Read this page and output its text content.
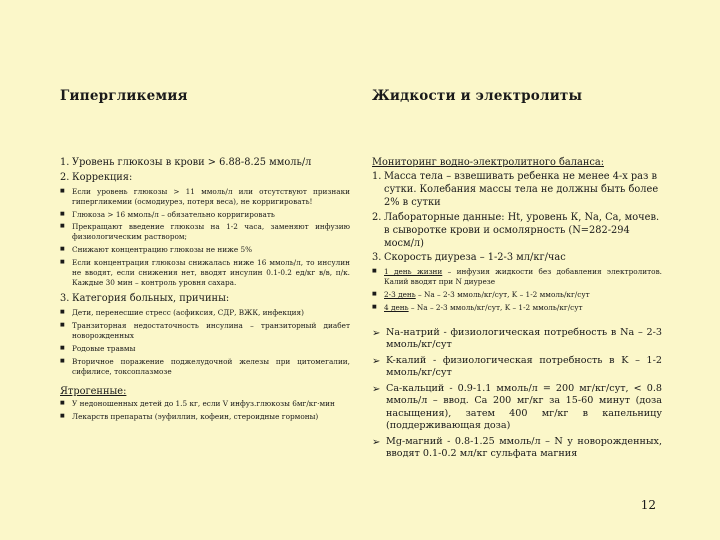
Гипергликемия
1. Уровень глюкозы в крови > 6.88-8.25 ммоль/л
2. Коррекция:
■ Если уровень глюкозы > 11 ммоль/л или отсутствуют признаки гипергликемии (осмодиурез, потеря веса), не корригировать!
■ Глюкоза > 16 ммоль/л – обязательно корригировать
■ Прекращают введение глюкозы на 1-2 часа, заменяют инфузию физиологическим раствором;
■ Снижают концентрацию глюкозы не ниже 5%
■ Если концентрация глюкозы снижалась ниже 16 ммоль/л, то инсулин не вводят, если снижения нет, вводят инсулин 0.1-0.2 ед/кг в/в, п/к. Каждые 30 мин – контроль уровня сахара.
3. Категория больных, причины:
■ Дети, перенесшие стресс (асфиксия, СДР, ВЖК, инфекция)
■ Транзиторная недостаточность инсулина – транзиторный диабет новорожденных
■ Родовые травмы
■ Вторичное поражение поджелудочной железы при цитомегалии, сифилисе, токсоплазмозе
Ятрогенные:
■ У недоношенных детей до 1.5 кг, если V инфуз.глюкозы 6мг/кг·мин
■ Лекарств препараты (эуфиллин, кофеин, стероидные гормоны)
Жидкости и электролиты
Мониторинг водно-электролитного баланса:
1. Масса тела – взвешивать ребенка не менее 4-х раз в сутки. Колебания массы тела не должны быть более 2% в сутки
2. Лабораторные данные: Ht, уровень К, Na, Ca, мочев. в сыворотке крови и осмолярность (N=282-294 мосм/л)
3. Скорость диуреза – 1-2-3 мл/кг/час
■ 1 день жизни – инфузия жидкости без добавления электролитов. Калий вводят при N диурезе
■ 2-3 день – Na – 2-3 ммоль/кг/сут, K – 1-2 ммоль/кг/сут
■ 4 день – Na – 2-3 ммоль/кг/сут, K – 1-2 ммоль/кг/сут
➢ Na-натрий - физиологическая потребность в Na – 2-3 ммоль/кг/сут
➢ K-калий - физиологическая потребность в K – 1-2 ммоль/кг/сут
➢ Ca-кальций - 0.9-1.1 ммоль/л = 200 мг/кг/сут, < 0.8 ммоль/л – ввод. Ca 200 мг/кг за 15-60 минут (доза насыщения), затем 400 мг/кг в капельницу (поддерживающая доза)
➢ Mg-магний - 0.8-1.25 ммоль/л – N у новорожденных, вводят 0.1-0.2 мл/кг сульфата магния
12
